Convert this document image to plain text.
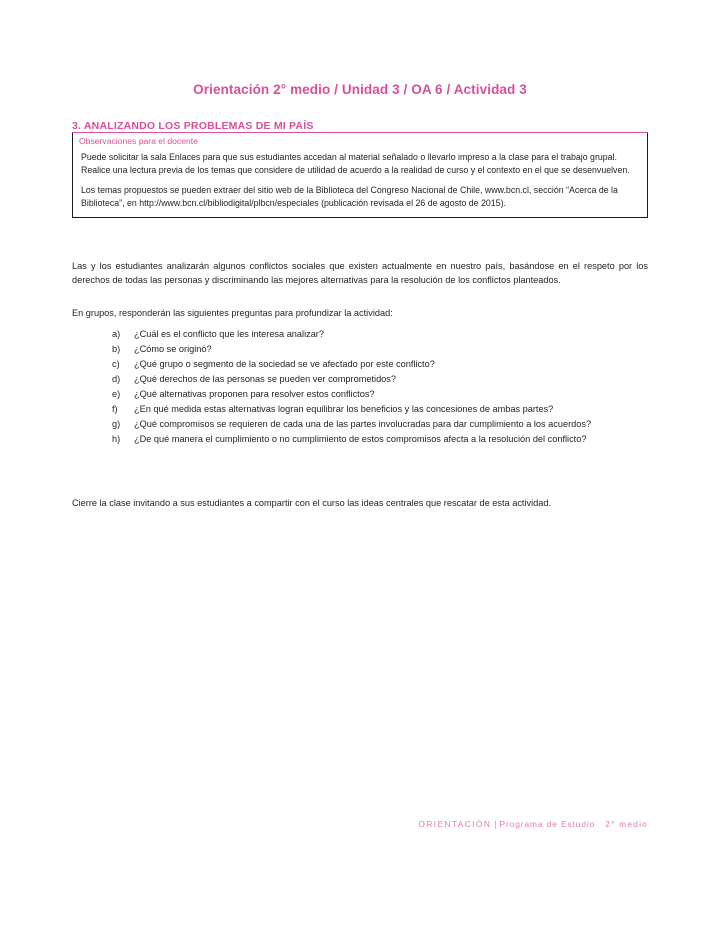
Orientación 2° medio / Unidad 3 / OA 6 / Actividad 3
3. ANALIZANDO LOS PROBLEMAS DE MI PAÍS
Observaciones para el docente

Puede solicitar la sala Enlaces para que sus estudiantes accedan al material señalado o llevarlo impreso a la clase para el trabajo grupal. Realice una lectura previa de los temas que considere de utilidad de acuerdo a la realidad de curso y el contexto en el que se desenvuelven.

Los temas propuestos se pueden extraer del sitio web de la Biblioteca del Congreso Nacional de Chile, www.bcn.cl, sección “Acerca de la Biblioteca”, en http://www.bcn.cl/bibliodigital/plbcn/especiales (publicación revisada el 26 de agosto de 2015).

Las y los estudiantes analizarán algunos conflictos sociales que existen actualmente en nuestro país, basándose en el respeto por los derechos de todas las personas y discriminando las mejores alternativas para la resolución de los conflictos planteados.
En grupos, responderán las siguientes preguntas para profundizar la actividad:
a)	¿Cuál es el conflicto que les interesa analizar?
b)	¿Cómo se originó?
c)	¿Qué grupo o segmento de la sociedad se ve afectado por este conflicto?
d)	¿Qué derechos de las personas se pueden ver comprometidos?
e)	¿Qué alternativas proponen para resolver estos conflictos?
f)	¿En qué medida estas alternativas logran equilibrar los beneficios y las concesiones de ambas partes?
g)	¿Qué compromisos se requieren de cada una de las partes involucradas para dar cumplimiento a los acuerdos?
h)	¿De qué manera el cumplimiento o no cumplimiento de estos compromisos afecta a la resolución del conflicto?
Cierre la clase invitando a sus estudiantes a compartir con el curso las ideas centrales que rescatar de esta actividad.
ORIENTACIÓN | Programa de Estudio 2° medio
